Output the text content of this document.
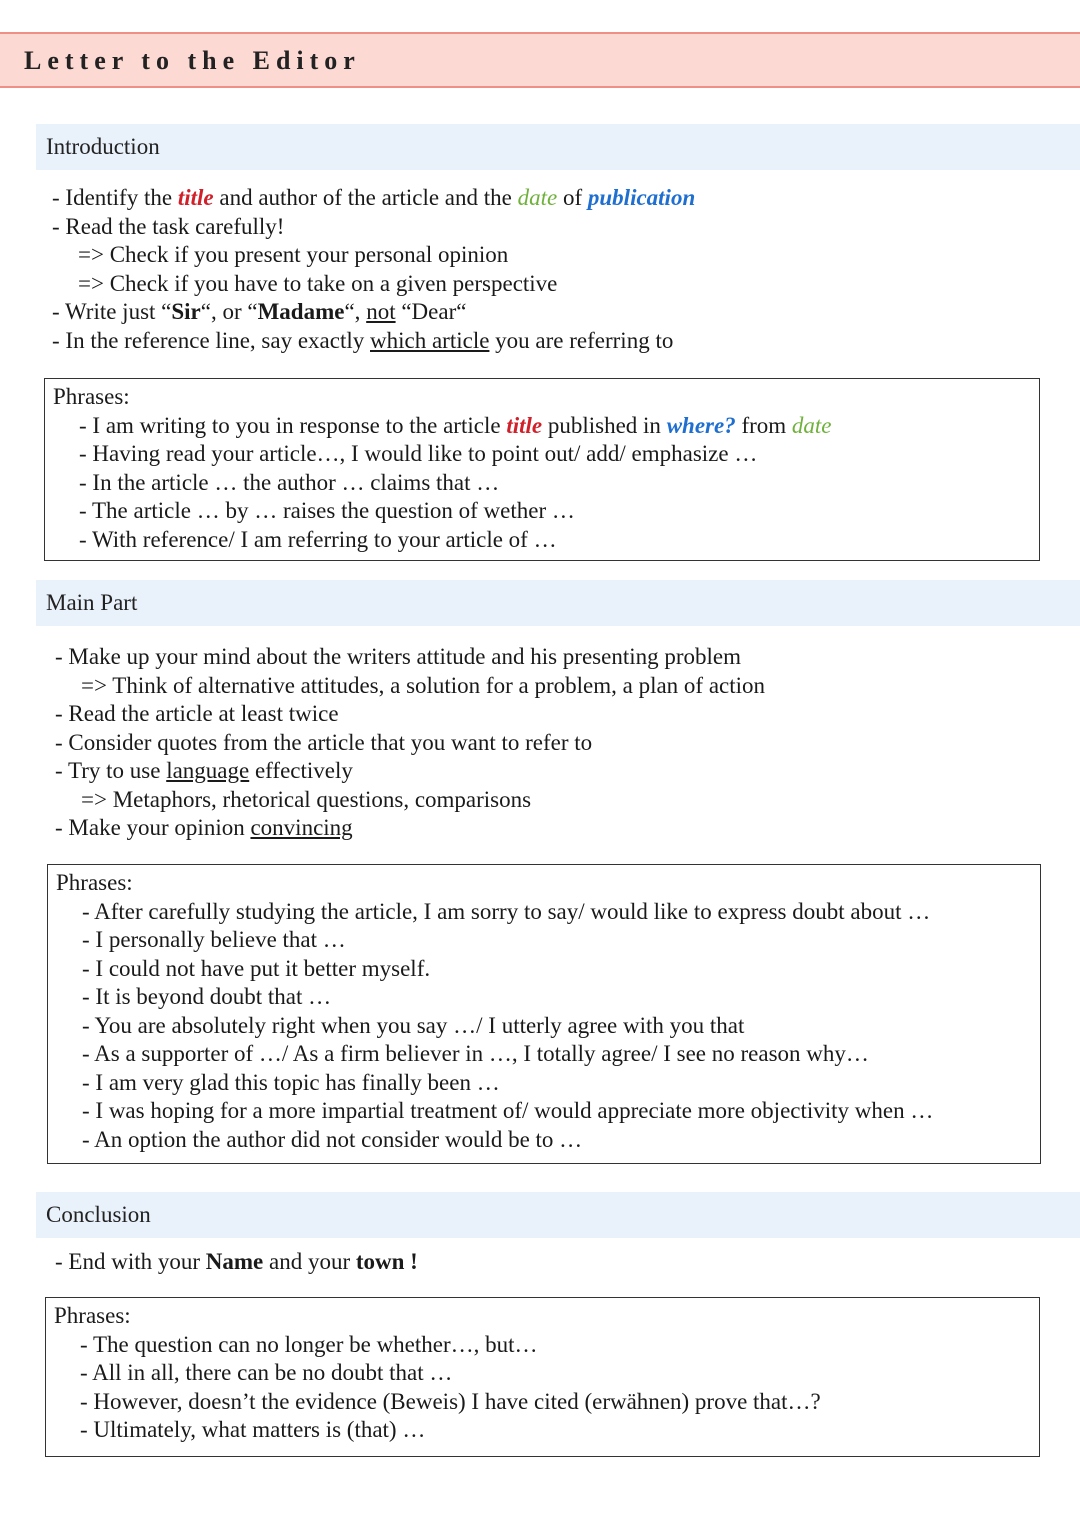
Letter to the Editor
Introduction
- Identify the title and author of the article and the date of publication
- Read the task carefully!
=> Check if you present your personal opinion
=> Check if you have to take on a given perspective
- Write just “Sir“, or “Madame“, not “Dear“
- In the reference line, say exactly which article you are referring to
Phrases:
- I am writing to you in response to the article title published in where? from date
- Having read your article…, I would like to point out/ add/ emphasize …
- In the article … the author … claims that …
- The article … by … raises the question of wether …
- With reference/ I am referring to your article of …
Main Part
- Make up your mind about the writers attitude and his presenting problem
=> Think of alternative attitudes, a solution for a problem, a plan of action
- Read the article at least twice
- Consider quotes from the article that you want to refer to
- Try to use language effectively
=> Metaphors, rhetorical questions, comparisons
- Make your opinion convincing
Phrases:
- After carefully studying the article, I am sorry to say/ would like to express doubt about …
- I personally believe that …
- I could not have put it better myself.
- It is beyond doubt that …
- You are absolutely right when you say …/ I utterly agree with you that
- As a supporter of …/ As a firm believer in …, I totally agree/ I see no reason why…
- I am very glad this topic has finally been …
- I was hoping for a more impartial treatment of/ would appreciate more objectivity when …
- An option the author did not consider would be to …
Conclusion
- End with your Name and your town !
Phrases:
- The question can no longer be whether…, but…
- All in all, there can be no doubt that …
- However, doesn’t the evidence (Beweis) I have cited (erwähnen) prove that…?
- Ultimately, what matters is (that) …
